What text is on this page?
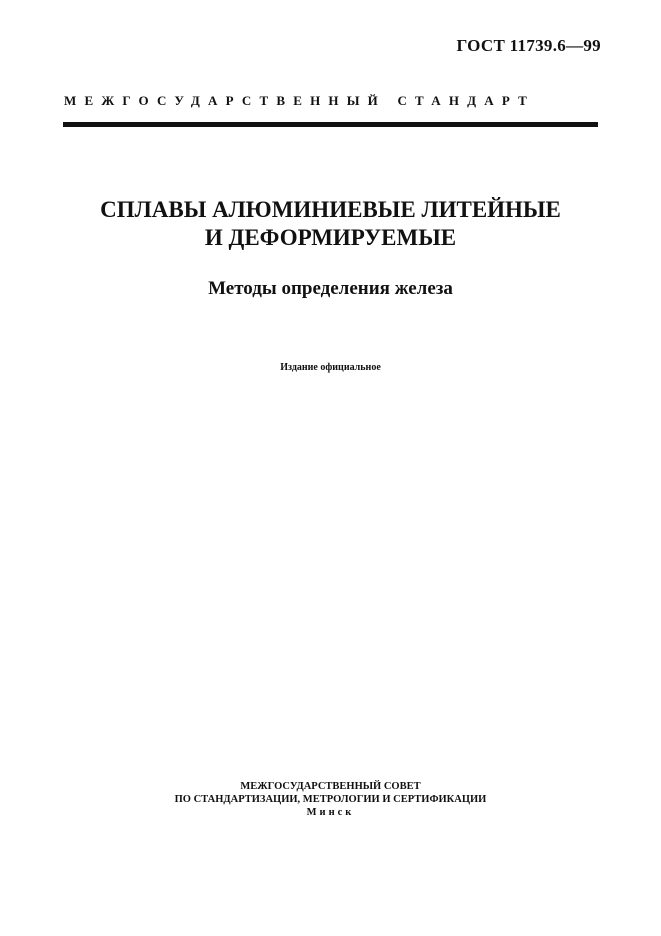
ГОСТ 11739.6—99
МЕЖГОСУДАРСТВЕННЫЙ СТАНДАРТ
СПЛАВЫ АЛЮМИНИЕВЫЕ ЛИТЕЙНЫЕ
И ДЕФОРМИРУЕМЫЕ
Методы определения железа
Издание официальное
МЕЖГОСУДАРСТВЕННЫЙ СОВЕТ
ПО СТАНДАРТИЗАЦИИ, МЕТРОЛОГИИ И СЕРТИФИКАЦИИ
Минск
